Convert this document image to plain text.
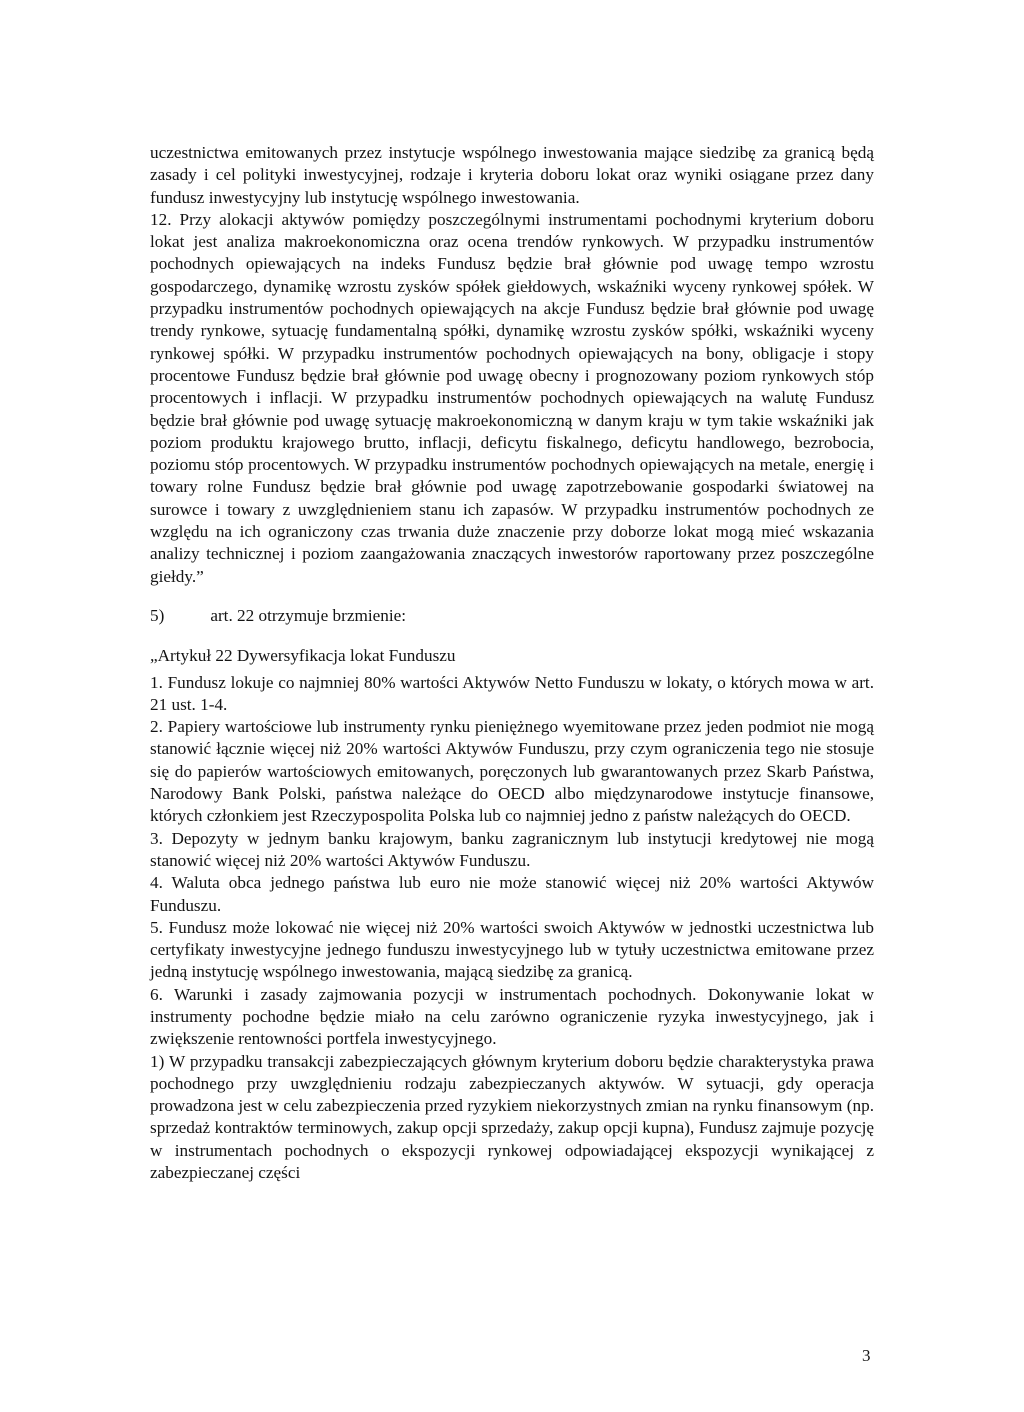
uczestnictwa emitowanych przez instytucje wspólnego inwestowania mające siedzibę za granicą będą zasady i cel polityki inwestycyjnej, rodzaje i kryteria doboru lokat oraz wyniki osiągane przez dany fundusz inwestycyjny lub instytucję wspólnego inwestowania.

12. Przy alokacji aktywów pomiędzy poszczególnymi instrumentami pochodnymi kryterium doboru lokat jest analiza makroekonomiczna oraz ocena trendów rynkowych. W przypadku instrumentów pochodnych opiewających na indeks Fundusz będzie brał głównie pod uwagę tempo wzrostu gospodarczego, dynamikę wzrostu zysków spółek giełdowych, wskaźniki wyceny rynkowej spółek. W przypadku instrumentów pochodnych opiewających na akcje Fundusz będzie brał głównie pod uwagę trendy rynkowe, sytuację fundamentalną spółki, dynamikę wzrostu zysków spółki, wskaźniki wyceny rynkowej spółki. W przypadku instrumentów pochodnych opiewających na bony, obligacje i stopy procentowe Fundusz będzie brał głównie pod uwagę obecny i prognozowany poziom rynkowych stóp procentowych i inflacji. W przypadku instrumentów pochodnych opiewających na walutę Fundusz będzie brał głównie pod uwagę sytuację makroekonomiczną w danym kraju w tym takie wskaźniki jak poziom produktu krajowego brutto, inflacji, deficytu fiskalnego, deficytu handlowego, bezrobocia, poziomu stóp procentowych. W przypadku instrumentów pochodnych opiewających na metale, energię i towary rolne Fundusz będzie brał głównie pod uwagę zapotrzebowanie gospodarki światowej na surowce i towary z uwzględnieniem stanu ich zapasów. W przypadku instrumentów pochodnych ze względu na ich ograniczony czas trwania duże znaczenie przy doborze lokat mogą mieć wskazania analizy technicznej i poziom zaangażowania znaczących inwestorów raportowany przez poszczególne giełdy.”

5)	art. 22 otrzymuje brzmienie:

„Artykuł 22 Dywersyfikacja lokat Funduszu

1. Fundusz lokuje co najmniej 80% wartości Aktywów Netto Funduszu w lokaty, o których mowa w art. 21 ust. 1-4.

2. Papiery wartościowe lub instrumenty rynku pieniężnego wyemitowane przez jeden podmiot nie mogą stanowić łącznie więcej niż 20% wartości Aktywów Funduszu, przy czym ograniczenia tego nie stosuje się do papierów wartościowych emitowanych, poręczonych lub gwarantowanych przez Skarb Państwa, Narodowy Bank Polski, państwa należące do OECD albo międzynarodowe instytucje finansowe, których członkiem jest Rzeczypospolita Polska lub co najmniej jedno z państw należących do OECD.

3. Depozyty w jednym banku krajowym, banku zagranicznym lub instytucji kredytowej nie mogą stanowić więcej niż 20% wartości Aktywów Funduszu.

4. Waluta obca jednego państwa lub euro nie może stanowić więcej niż 20% wartości Aktywów Funduszu.

5. Fundusz może lokować nie więcej niż 20% wartości swoich Aktywów w jednostki uczestnictwa lub certyfikaty inwestycyjne jednego funduszu inwestycyjnego lub w tytuły uczestnictwa emitowane przez jedną instytucję wspólnego inwestowania, mającą siedzibę za granicą.

6. Warunki i zasady zajmowania pozycji w instrumentach pochodnych. Dokonywanie lokat w instrumenty pochodne będzie miało na celu zarówno ograniczenie ryzyka inwestycyjnego, jak i zwiększenie rentowności portfela inwestycyjnego.

1) W przypadku transakcji zabezpieczających głównym kryterium doboru będzie charakterystyka prawa pochodnego przy uwzględnieniu rodzaju zabezpieczanych aktywów. W sytuacji, gdy operacja prowadzona jest w celu zabezpieczenia przed ryzykiem niekorzystnych zmian na rynku finansowym (np. sprzedaż kontraktów terminowych, zakup opcji sprzedaży, zakup opcji kupna), Fundusz zajmuje pozycję w instrumentach pochodnych o ekspozycji rynkowej odpowiadającej ekspozycji wynikającej z zabezpieczanej części

3
